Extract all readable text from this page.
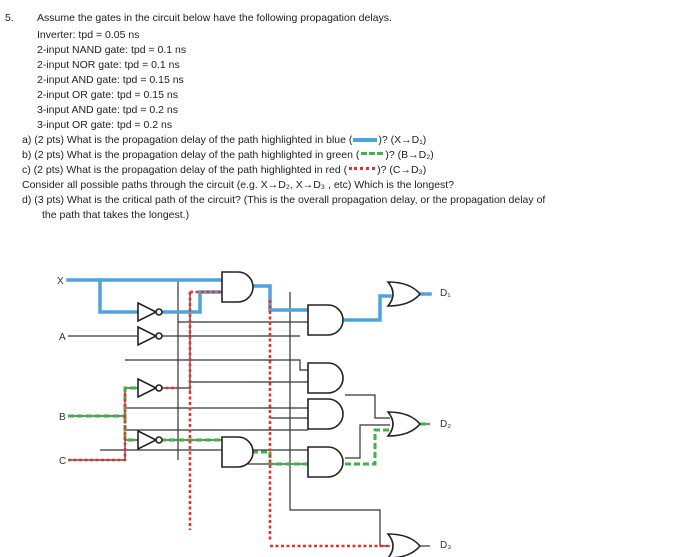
5. Assume the gates in the circuit below have the following propagation delays.
Inverter: tpd = 0.05 ns
2-input NAND gate: tpd = 0.1 ns
2-input NOR gate: tpd = 0.1 ns
2-input AND gate: tpd = 0.15 ns
2-input OR gate: tpd = 0.15 ns
3-input AND gate: tpd = 0.2 ns
3-input OR gate: tpd = 0.2 ns
a) (2 pts) What is the propagation delay of the path highlighted in blue ( )? (X→D₁)
b) (2 pts) What is the propagation delay of the path highlighted in green ( )? (B→D₂)
c) (2 pts) What is the propagation delay of the path highlighted in red (	)? (C→D₃)
Consider all possible paths through the circuit (e.g. X→D₂, X→D₃ , etc) Which is the longest?
d) (3 pts) What is the critical path of the circuit? (This is the overall propagation delay, or the propagation delay of
the path that takes the longest.)
X
A
B
C
D₁
D₂
D₃
